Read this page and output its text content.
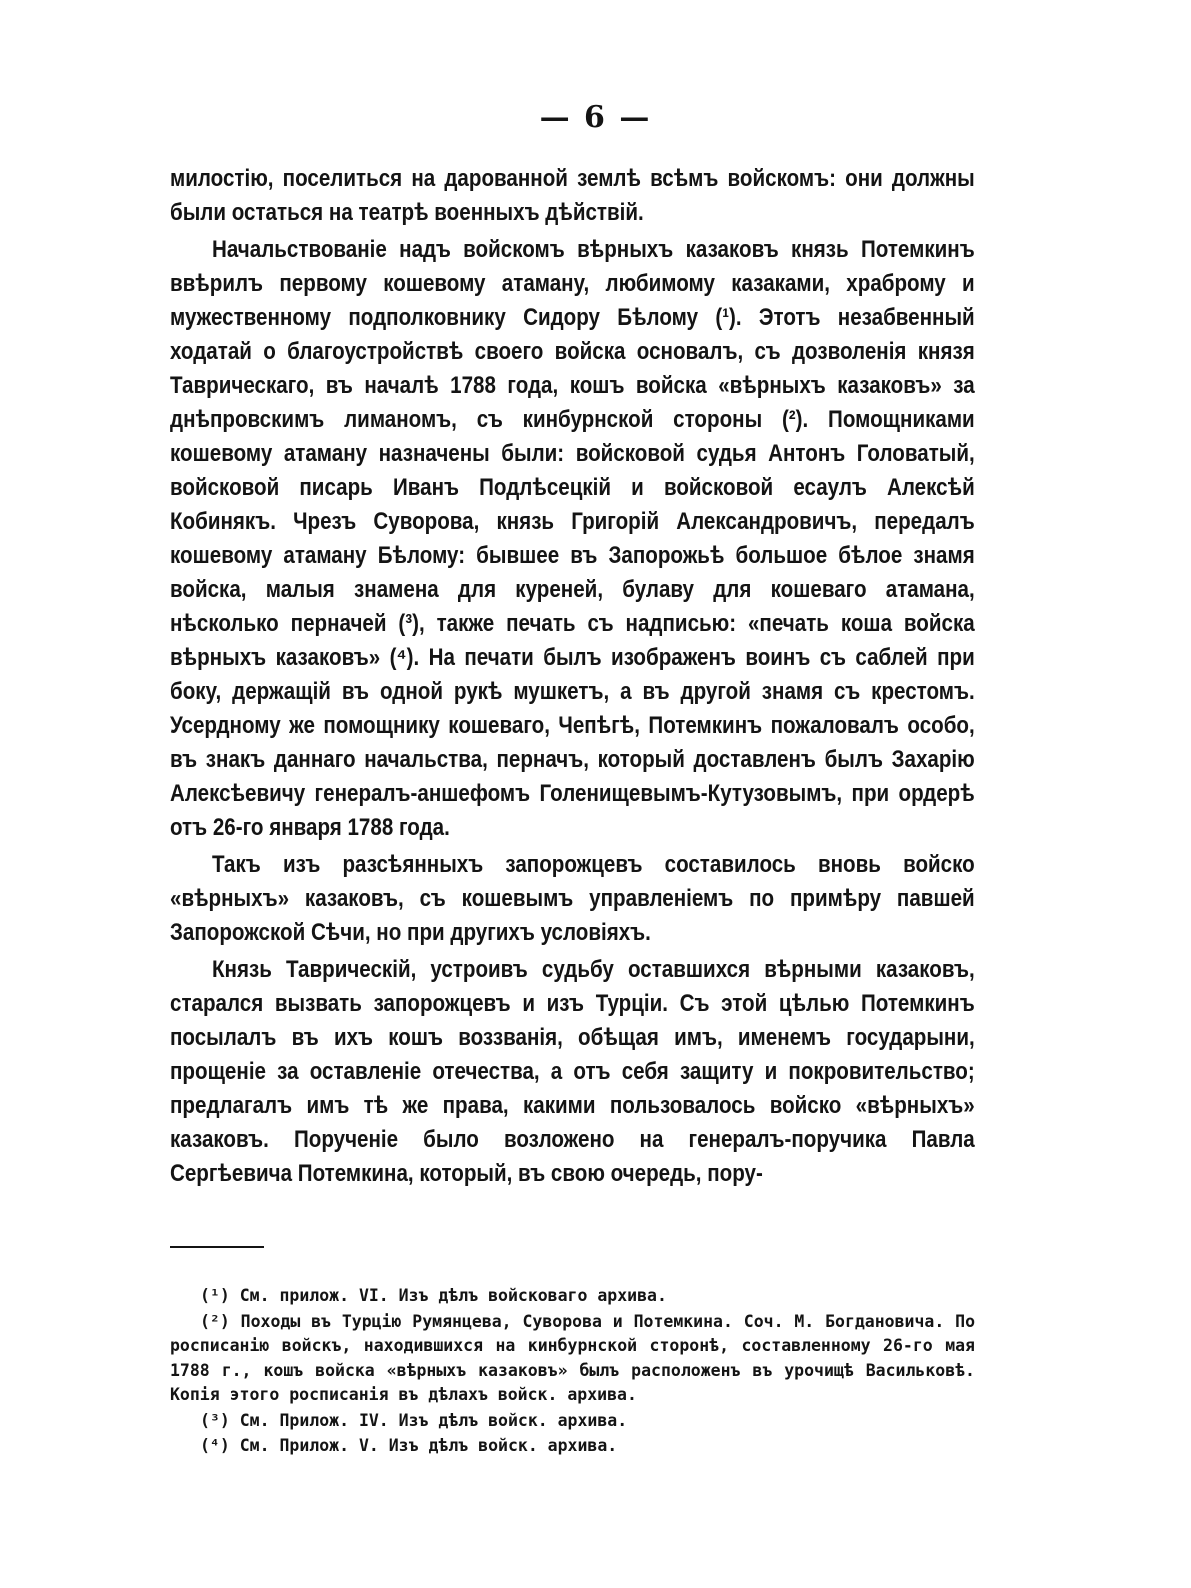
— 6 —

милостію, поселиться на дарованной землѣ всѣмъ войскомъ: они должны были остаться на театрѣ военныхъ дѣйствій.

Начальствованіе надъ войскомъ вѣрныхъ казаковъ князь Потемкинъ ввѣрилъ первому кошевому атаману, любимому казаками, храброму и мужественному подполковнику Сидору Бѣлому (¹). Этотъ незабвенный ходатай о благоустройствѣ своего войска основалъ, съ дозволенія князя Таврическаго, въ началѣ 1788 года, кошъ войска «вѣрныхъ казаковъ» за днѣпровскимъ лиманомъ, съ кинбурнской стороны (²). Помощниками кошевому атаману назначены были: войсковой судья Антонъ Головатый, войсковой писарь Иванъ Подлѣсецкій и войсковой есаулъ Алексѣй Кобинякъ. Чрезъ Суворова, князь Григорій Александровичъ, передалъ кошевому атаману Бѣлому: бывшее въ Запорожьѣ большое бѣлое знамя войска, малыя знамена для куреней, булаву для кошеваго атамана, нѣсколько перначей (³), также печать съ надписью: «печать коша войска вѣрныхъ казаковъ» (⁴). На печати былъ изображенъ воинъ съ саблей при боку, держащій въ одной рукѣ мушкетъ, а въ другой знамя съ крестомъ. Усердному же помощнику кошеваго, Чепѣгѣ, Потемкинъ пожаловалъ особо, въ знакъ даннаго начальства, перначъ, который доставленъ былъ Захарію Алексѣевичу генералъ-аншефомъ Голенищевымъ-Кутузовымъ, при ордерѣ отъ 26-го января 1788 года.

Такъ изъ разсѣянныхъ запорожцевъ составилось вновь войско «вѣрныхъ» казаковъ, съ кошевымъ управленіемъ по примѣру павшей Запорожской Сѣчи, но при другихъ условіяхъ.

Князь Таврическій, устроивъ судьбу оставшихся вѣрными казаковъ, старался вызвать запорожцевъ и изъ Турціи. Съ этой цѣлью Потемкинъ посылалъ въ ихъ кошъ воззванія, обѣщая имъ, именемъ государыни, прощеніе за оставленіе отечества, а отъ себя защиту и покровительство; предлагалъ имъ тѣ же права, какими пользовалось войско «вѣрныхъ» казаковъ. Порученіе было возложено на генералъ-поручика Павла Сергѣевича Потемкина, который, въ свою очередь, пору-

(¹) См. прилож. VI. Изъ дѣлъ войсковаго архива.

(²) Походы въ Турцію Румянцева, Суворова и Потемкина. Соч. М. Богдановича. По росписанію войскъ, находившихся на кинбурнской сторонѣ, составленному 26-го мая 1788 г., кошъ войска «вѣрныхъ казаковъ» былъ расположенъ въ урочищѣ Васильковѣ. Копія этого росписанія въ дѣлахъ войск. архива.

(³) См. Прилож. IV. Изъ дѣлъ войск. архива.

(⁴) См. Прилож. V. Изъ дѣлъ войск. архива.
